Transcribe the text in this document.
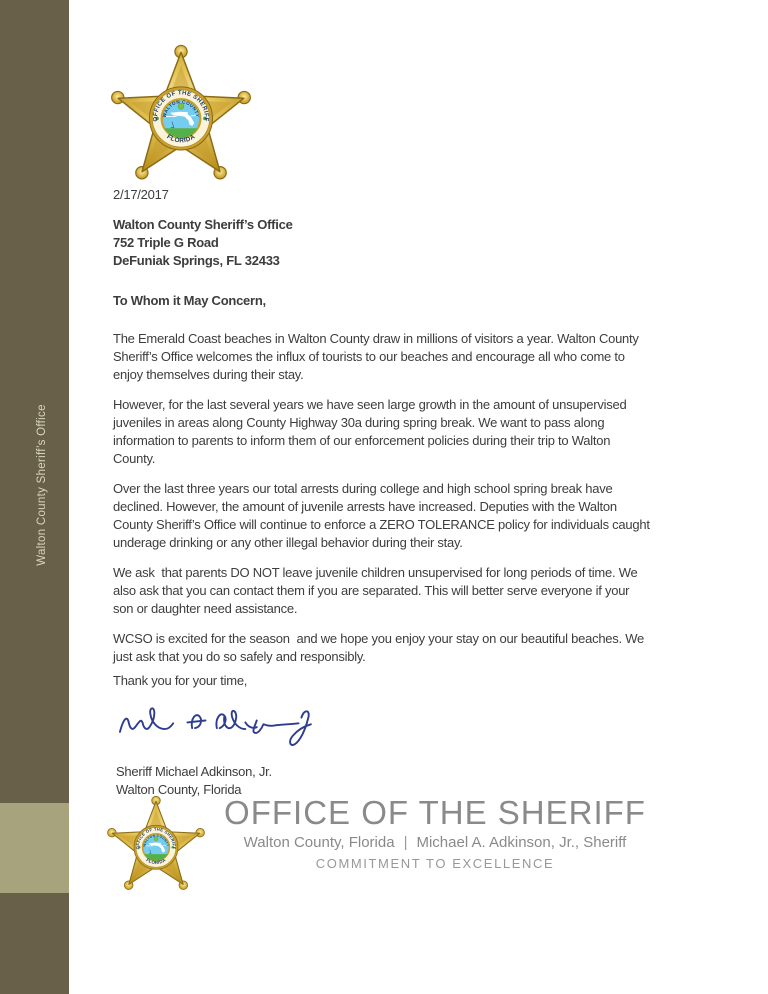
Walton County Sheriff’s Office
2/17/2017
Walton County Sheriff’s Office
752 Triple G Road
DeFuniak Springs, FL 32433
To Whom it May Concern,

The Emerald Coast beaches in Walton County draw in millions of visitors a year. Walton County
Sheriff’s Office welcomes the influx of tourists to our beaches and encourage all who come to
enjoy themselves during their stay.

However, for the last several years we have seen large growth in the amount of unsupervised
juveniles in areas along County Highway 30a during spring break. We want to pass along
information to parents to inform them of our enforcement policies during their trip to Walton
County.

Over the last three years our total arrests during college and high school spring break have
declined. However, the amount of juvenile arrests have increased. Deputies with the Walton
County Sheriff’s Office will continue to enforce a ZERO TOLERANCE policy for individuals caught
underage drinking or any other illegal behavior during their stay.

We ask  that parents DO NOT leave juvenile children unsupervised for long periods of time. We
also ask that you can contact them if you are separated. This will better serve everyone if your
son or daughter need assistance.

WCSO is excited for the season  and we hope you enjoy your stay on our beautiful beaches. We
just ask that you do so safely and responsibly.

Thank you for your time,
Sheriff Michael Adkinson, Jr.
Walton County, Florida
OFFICE OF THE SHERIFF
Walton County, Florida | Michael A. Adkinson, Jr., Sheriff
COMMITMENT TO EXCELLENCE
